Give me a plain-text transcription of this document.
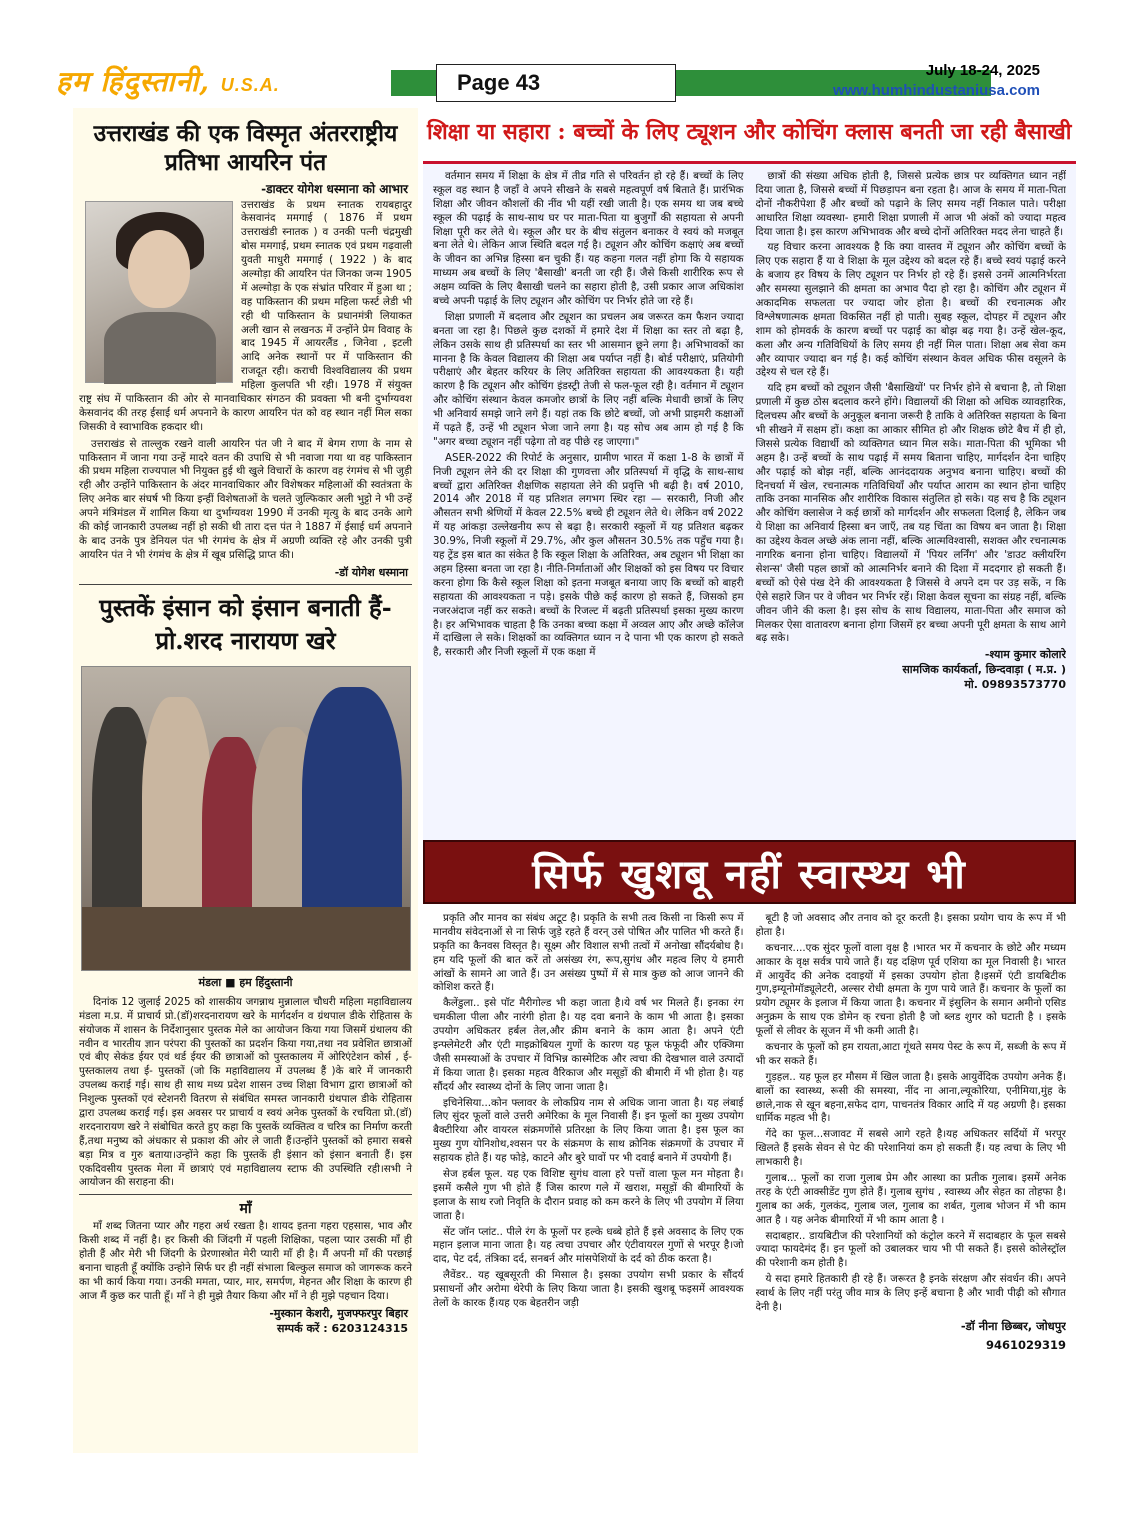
हम हिंदुस्तानी, U.S.A.	Page 43	July 18-24, 2025
www.humhindustaniusa.com
उत्तराखंड की एक विस्मृत अंतरराष्ट्रीय प्रतिभा आयरिन पंत
-डाक्टर योगेश धस्माना को आभार

उत्तराखंड के प्रथम स्नातक रायबहादुर केसवानंद ममगाई ( 1876 में प्रथम उत्तराखंडी स्नातक ) व उनकी पत्नी चंद्रमुखी बोस ममगाई, प्रथम स्नातक एवं प्रथम गढ़वाली युवती माधुरी ममगाई ( 1922 ) के बाद अल्मोड़ा की आयरिन पंत जिनका जन्म 1905 में अल्मोड़ा के एक संभ्रांत परिवार में हुआ था ; वह पाकिस्तान की प्रथम महिला फर्स्ट लेडी भी रही थी पाकिस्तान के प्रधानमंत्री लियाकत अली खान से लखनऊ में उन्होंने प्रेम विवाह के बाद 1945 में आयरलैंड , जिनेवा , इटली आदि अनेक स्थानों पर में पाकिस्तान की राजदूत रही। कराची विश्वविद्यालय की प्रथम महिला कुलपति भी रही। 1978 में संयुक्त राष्ट्र संघ में पाकिस्तान की ओर से मानवाधिकार संगठन की प्रवक्ता भी बनी दुर्भाग्यवश केसवानंद की तरह ईसाई धर्म अपनाने के कारण आयरिन पंत को वह स्थान नहीं मिल सका जिसकी वे स्वाभाविक हकदार थी।

उत्तराखंड से ताल्लुक रखने वाली आयरिन पंत जी ने बाद में बेगम राणा के नाम से पाकिस्तान में जाना गया उन्हें मादरे वतन की उपाधि से भी नवाजा गया था वह पाकिस्तान की प्रथम महिला राज्यपाल भी नियुक्त हुई थी खुले विचारों के कारण वह रंगमंच से भी जुड़ी रही और उन्होंने पाकिस्तान के अंदर मानवाधिकार और विशेषकर महिलाओं की स्वतंत्रता के लिए अनेक बार संघर्ष भी किया इन्हीं विशेषताओं के चलते जुल्फिकार अली भुट्टो ने भी उन्हें अपने मंत्रिमंडल में शामिल किया था दुर्भाग्यवश 1990 में उनकी मृत्यु के बाद उनके आगे की कोई जानकारी उपलब्ध नहीं हो सकी थी तारा दत्त पंत ने 1887 में ईसाई धर्म अपनाने के बाद उनके पुत्र डेनियल पंत भी रंगमंच के क्षेत्र में अग्रणी व्यक्ति रहे और उनकी पुत्री आयरिन पंत ने भी रंगमंच के क्षेत्र में खूब प्रसिद्धि प्राप्त की।

-डॉ योगेश धस्माना
पुस्तकें इंसान को इंसान बनाती हैं-प्रो.शरद नारायण खरे
मंडला ■ हम हिंदुस्तानी
दिनांक 12 जुलाई 2025 को शासकीय जगन्नाथ मुन्नालाल चौधरी महिला महाविद्यालय मंडला म.प्र. में प्राचार्य प्रो.(डॉ)शरदनारायण खरे के मार्गदर्शन व ग्रंथपाल डीके रोहितास के संयोजक में शासन के निर्देशानुसार पुस्तक मेले का आयोजन किया गया जिसमें ग्रंथालय की नवीन व भारतीय ज्ञान परंपरा की पुस्तकों का प्रदर्शन किया गया,तथा नव प्रवेशित छात्राओं एवं बीए सेकंड ईयर एवं थर्ड ईयर की छात्राओं को पुस्तकालय में ओरिएंटेशन कोर्स , ई-पुस्तकालय तथा ई- पुस्तकों (जो कि महाविद्यालय में उपलब्ध हैं )के बारे में जानकारी उपलब्ध कराई गई। साथ ही साथ मध्य प्रदेश शासन उच्च शिक्षा विभाग द्वारा छात्राओं को निशुल्क पुस्तकों एवं स्टेशनरी वितरण से संबंधित समस्त जानकारी ग्रंथपाल डीके रोहितास द्वारा उपलब्ध कराई गई। इस अवसर पर प्राचार्य व स्वयं अनेक पुस्तकों के रचयिता प्रो.(डॉ) शरदनारायण खरे ने संबोधित करते हुए कहा कि पुस्तकें व्यक्तित्व व चरित्र का निर्माण करती हैं,तथा मनुष्य को अंधकार से प्रकाश की ओर ले जाती हैं।उन्होंने पुस्तकों को हमारा सबसे बड़ा मित्र व गुरु बताया।उन्होंने कहा कि पुस्तकें ही इंसान को इंसान बनाती हैं। इस एकदिवसीय पुस्तक मेला में छात्राएं एवं महाविद्यालय स्टाफ की उपस्थिति रही।सभी ने आयोजन की सराहना की।
माँ
माँ शब्द जितना प्यार और गहरा अर्थ रखता है। शायद इतना गहरा एहसास, भाव और किसी शब्द में नहीं है। हर किसी की जिंदगी में पहली शिक्षिका, पहला प्यार उसकी माँ ही होती हैं और मेरी भी जिंदगी के प्रेरणास्त्रोत मेरी प्यारी माँ ही है। मैं अपनी माँ की परछाई बनाना चाहती हूँ क्योंकि उन्होने सिर्फ घर ही नहीं संभाला बिल्कुल समाज को जागरूक करने का भी कार्य किया गया। उनकी ममता, प्यार, मार, समर्पण, मेहनत और शिक्षा के कारण ही आज मैं कुछ कर पाती हूँ। माँ ने ही मुझे तैयार किया और माँ ने ही मुझे पहचान दिया।
-मुस्कान केशरी, मुजफ्फरपुर बिहार
सम्पर्क करें : 6203124315
शिक्षा या सहारा : बच्चों के लिए ट्यूशन और कोचिंग क्लास बनती जा रही बैसाखी

वर्तमान समय में शिक्षा के क्षेत्र में तीव्र गति से परिवर्तन हो रहे हैं। बच्चों के लिए स्कूल वह स्थान है जहाँ वे अपने सीखने के सबसे महत्वपूर्ण वर्ष बिताते हैं। प्रारंभिक शिक्षा और जीवन कौशलों की नींव भी यहीं रखी जाती है। एक समय था जब बच्चे स्कूल की पढ़ाई के साथ-साथ घर पर माता-पिता या बुजुर्गों की सहायता से अपनी शिक्षा पूरी कर लेते थे। स्कूल और घर के बीच संतुलन बनाकर वे स्वयं को मजबूत बना लेते थे। लेकिन आज स्थिति बदल गई है। ट्यूशन और कोचिंग कक्षाएं अब बच्चों के जीवन का अभिन्न हिस्सा बन चुकी हैं। यह कहना गलत नहीं होगा कि ये सहायक माध्यम अब बच्चों के लिए 'बैसाखी' बनती जा रही हैं। जैसे किसी शारीरिक रूप से अक्षम व्यक्ति के लिए बैसाखी चलने का सहारा होती है, उसी प्रकार आज अधिकांश बच्चे अपनी पढ़ाई के लिए ट्यूशन और कोचिंग पर निर्भर होते जा रहे हैं।

शिक्षा प्रणाली में बदलाव और ट्यूशन का प्रचलन अब जरूरत कम फैशन ज्यादा बनता जा रहा है। पिछले कुछ दशकों में हमारे देश में शिक्षा का स्तर तो बढ़ा है, लेकिन उसके साथ ही प्रतिस्पर्धा का स्तर भी आसमान छूने लगा है। अभिभावकों का मानना है कि केवल विद्यालय की शिक्षा अब पर्याप्त नहीं है। बोर्ड परीक्षाएं, प्रतियोगी परीक्षाएं और बेहतर करियर के लिए अतिरिक्त सहायता की आवश्यकता है। यही कारण है कि ट्यूशन और कोचिंग इंडस्ट्री तेजी से फल-फूल रही है। वर्तमान में ट्यूशन और कोचिंग संस्थान केवल कमजोर छात्रों के लिए नहीं बल्कि मेधावी छात्रों के लिए भी अनिवार्य समझे जाने लगे हैं। यहां तक कि छोटे बच्चों, जो अभी प्राइमरी कक्षाओं में पढ़ते हैं, उन्हें भी ट्यूशन भेजा जाने लगा है। यह सोच अब आम हो गई है कि "अगर बच्चा ट्यूशन नहीं पढ़ेगा तो वह पीछे रह जाएगा।"

ASER-2022 की रिपोर्ट के अनुसार, ग्रामीण भारत में कक्षा 1-8 के छात्रों में निजी ट्यूशन लेने की दर शिक्षा की गुणवत्ता और प्रतिस्पर्धा में वृद्धि के साथ-साथ बच्चों द्वारा अतिरिक्त शैक्षणिक सहायता लेने की प्रवृत्ति भी बढ़ी है। वर्ष 2010, 2014 और 2018 में यह प्रतिशत लगभग स्थिर रहा — सरकारी, निजी और औसतन सभी श्रेणियों में केवल 22.5% बच्चे ही ट्यूशन लेते थे। लेकिन वर्ष 2022 में यह आंकड़ा उल्लेखनीय रूप से बढ़ा है। सरकारी स्कूलों में यह प्रतिशत बढ़कर 30.9%, निजी स्कूलों में 29.7%, और कुल औसतन 30.5% तक पहुँच गया है। यह ट्रेंड इस बात का संकेत है कि स्कूल शिक्षा के अतिरिक्त, अब ट्यूशन भी शिक्षा का अहम हिस्सा बनता जा रहा है। नीति-निर्माताओं और शिक्षकों को इस विषय पर विचार करना होगा कि कैसे स्कूल शिक्षा को इतना मजबूत बनाया जाए कि बच्चों को बाहरी सहायता की आवश्यकता न पड़े। इसके पीछे कई कारण हो सकते हैं, जिसको हम नजरअंदाज नहीं कर सकते। बच्चों के रिजल्ट में बढ़ती प्रतिस्पर्धा इसका मुख्य कारण है। हर अभिभावक चाहता है कि उनका बच्चा कक्षा में अव्वल आए और अच्छे कॉलेज में दाखिला ले सके। शिक्षकों का व्यक्तिगत ध्यान न दे पाना भी एक कारण हो सकते है, सरकारी और निजी स्कूलों में एक कक्षा में

छात्रों की संख्या अधिक होती है, जिससे प्रत्येक छात्र पर व्यक्तिगत ध्यान नहीं दिया जाता है, जिससे बच्चों में पिछड़ापन बना रहता है। आज के समय में माता-पिता दोनों नौकरीपेशा हैं और बच्चों को पढ़ाने के लिए समय नहीं निकाल पाते। परीक्षा आधारित शिक्षा व्यवस्था- हमारी शिक्षा प्रणाली में आज भी अंकों को ज्यादा महत्व दिया जाता है। इस कारण अभिभावक और बच्चे दोनों अतिरिक्त मदद लेना चाहते हैं।

यह विचार करना आवश्यक है कि क्या वास्तव में ट्यूशन और कोचिंग बच्चों के लिए एक सहारा हैं या वे शिक्षा के मूल उद्देश्य को बदल रहे हैं। बच्चे स्वयं पढ़ाई करने के बजाय हर विषय के लिए ट्यूशन पर निर्भर हो रहे हैं। इससे उनमें आत्मनिर्भरता और समस्या सुलझाने की क्षमता का अभाव पैदा हो रहा है। कोचिंग और ट्यूशन में अकादमिक सफलता पर ज्यादा जोर होता है। बच्चों की रचनात्मक और विश्लेषणात्मक क्षमता विकसित नहीं हो पाती। सुबह स्कूल, दोपहर में ट्यूशन और शाम को होमवर्क के कारण बच्चों पर पढ़ाई का बोझ बढ़ गया है। उन्हें खेल-कूद, कला और अन्य गतिविधियों के लिए समय ही नहीं मिल पाता। शिक्षा अब सेवा कम और व्यापार ज्यादा बन गई है। कई कोचिंग संस्थान केवल अधिक फीस वसूलने के उद्देश्य से चल रहे हैं।

यदि हम बच्चों को ट्यूशन जैसी 'बैसाखियों' पर निर्भर होने से बचाना है, तो शिक्षा प्रणाली में कुछ ठोस बदलाव करने होंगे। विद्यालयों की शिक्षा को अधिक व्यावहारिक, दिलचस्प और बच्चों के अनुकूल बनाना जरूरी है ताकि वे अतिरिक्त सहायता के बिना भी सीखने में सक्षम हों। कक्षा का आकार सीमित हो और शिक्षक छोटे बैच में ही हो, जिससे प्रत्येक विद्यार्थी को व्यक्तिगत ध्यान मिल सके। माता-पिता की भूमिका भी अहम है। उन्हें बच्चों के साथ पढ़ाई में समय बिताना चाहिए, मार्गदर्शन देना चाहिए और पढ़ाई को बोझ नहीं, बल्कि आनंददायक अनुभव बनाना चाहिए। बच्चों की दिनचर्या में खेल, रचनात्मक गतिविधियाँ और पर्याप्त आराम का स्थान होना चाहिए ताकि उनका मानसिक और शारीरिक विकास संतुलित हो सके। यह सच है कि ट्यूशन और कोचिंग क्लासेज ने कई छात्रों को मार्गदर्शन और सफलता दिलाई है, लेकिन जब ये शिक्षा का अनिवार्य हिस्सा बन जाएँ, तब यह चिंता का विषय बन जाता है। शिक्षा का उद्देश्य केवल अच्छे अंक लाना नहीं, बल्कि आत्मविश्वासी, सशक्त और रचनात्मक नागरिक बनाना होना चाहिए। विद्यालयों में 'पियर लर्निंग' और 'डाउट क्लीयरिंग सेशन्स' जैसी पहल छात्रों को आत्मनिर्भर बनाने की दिशा में मददगार हो सकती हैं। बच्चों को ऐसे पंख देने की आवश्यकता है जिससे वे अपने दम पर उड़ सकें, न कि ऐसे सहारे जिन पर वे जीवन भर निर्भर रहें। शिक्षा केवल सूचना का संग्रह नहीं, बल्कि जीवन जीने की कला है। इस सोच के साथ विद्यालय, माता-पिता और समाज को मिलकर ऐसा वातावरण बनाना होगा जिसमें हर बच्चा अपनी पूरी क्षमता के साथ आगे बढ़ सके।

-श्याम कुमार कोलारे
सामजिक कार्यकर्ता, छिन्दवाड़ा ( म.प्र. )
मो. 09893573770
सिर्फ खुशबू नहीं स्वास्थ्य भी

प्रकृति और मानव का संबंध अटूट है। प्रकृति के सभी तत्व किसी ना किसी रूप में मानवीय संवेदनाओं से ना सिर्फ जुड़े रहते हैं वरन् उसे पोषित और पालित भी करते हैं। प्रकृति का कैनवस विस्तृत है। सूक्ष्म और विशाल सभी तत्वों में अनोखा सौंदर्यबोध है। हम यदि फूलों की बात करें तो असंख्य रंग, रूप,सुगंध और महत्व लिए ये हमारी आंखों के सामने आ जाते हैं। उन असंख्य पुष्पों में से मात्र कुछ को आज जानने की कोशिश करते हैं।

कैलेंडुला.. इसे पॉट मैरीगोल्ड भी कहा जाता है।ये वर्ष भर मिलते हैं। इनका रंग चमकीला पीला और नारंगी होता है। यह दवा बनाने के काम भी आता है। इसका उपयोग अधिकतर हर्बल तेल,और क्रीम बनाने के काम आता है। अपने एंटी इन्फ्लेमेटरी और एंटी माइक्रोबियल गुणों के कारण यह फूल फंफूदी और एक्जिमा जैसी समस्याओं के उपचार में विभिन्न कास्मेटिक और त्वचा की देखभाल वाले उत्पादों में किया जाता है। इसका महत्व वैरिकाज और मसूड़ों की बीमारी में भी होता है। यह सौंदर्य और स्वास्थ्य दोनों के लिए जाना जाता है।

इचिनेसिया...कोन फ्लावर के लोकप्रिय नाम से अधिक जाना जाता है। यह लंबाई लिए सुंदर फूलों वाले उत्तरी अमेरिका के मूल निवासी हैं। इन फूलों का मुख्य उपयोग बैक्टीरिया और वायरल संक्रमणोंसे प्रतिरक्षा के लिए किया जाता है। इस फूल का मुख्य गुण योनिशोथ,श्वसन पर के संक्रमण के साथ क्रोनिक संक्रमणों के उपचार में सहायक होते हैं। यह फोड़े, काटने और बुरे घावों पर भी दवाई बनाने में उपयोगी हैं।

सेज हर्बल फूल. यह एक विशिष्ट सुगंध वाला हरे पत्तों वाला फूल मन मोहता है। इसमें कसैले गुण भी होते हैं जिस कारण गले में खराश, मसूड़ों की बीमारियों के इलाज के साथ रजो निवृति के दौरान प्रवाह को कम करने के लिए भी उपयोग में लिया जाता है।

सेंट जॉन प्लांट.. पीले रंग के फूलों पर हल्के धब्बे होते हैं इसे अवसाद के लिए एक महान इलाज माना जाता है। यह त्वचा उपचार और एंटीवायरल गुणों से भरपूर है।जो दाद, पेट दर्द, तंत्रिका दर्द, सनबर्न और मांसपेशियों के दर्द को ठीक करता है।

लैवेंडर.. यह खूबसूरती की मिसाल है। इसका उपयोग सभी प्रकार के सौंदर्य प्रसाधनों और अरोमा थेरेपी के लिए किया जाता है। इसकी खुशबू फइसमें आवश्यक तेलों के कारक हैं।यह एक बेहतरीन जड़ी

बूटी है जो अवसाद और तनाव को दूर करती है। इसका प्रयोग चाय के रूप में भी होता है।

कचनार....एक सुंदर फूलों वाला वृक्ष है ।भारत भर में कचनार के छोटे और मध्यम आकार के वृक्ष सर्वत्र पाये जाते हैं। यह दक्षिण पूर्व एशिया का मूल निवासी है। भारत में आयुर्वेद की अनेक दवाइयों में इसका उपयोग होता है।इसमें एंटी डायबिटीक गुण,इम्यूनोमॉड्यूलेटरी, अल्सर रोधी क्षमता के गुण पाये जाते हैं। कचनार के फूलों का प्रयोग ट्यूमर के इलाज में किया जाता है। कचनार में इंसुलिन के समान अमीनो एसिड अनुक्रम के साथ एक डोमेन क् रचना होती है जो ब्लड शुगर को घटाती है । इसके फूलों से लीवर के सूजन में भी कमी आती है।

कचनार के फूलों को हम रायता,आटा गूंथते समय पेस्ट के रूप में, सब्जी के रूप में भी कर सकते हैं।

गुड़हल.. यह फूल हर मौसम में खिल जाता है। इसके आयुर्वेदिक उपयोग अनेक हैं। बालों का स्वास्थ्य, रूसी की समस्या, नींद ना आना,ल्यूकोरिया, एनीमिया,मुंह के छाले,नाक से खून बहना,सफेद दाग, पाचनतंत्र विकार आदि में यह अग्रणी है। इसका धार्मिक महत्व भी है।

गेंदे का फूल...सजावट में सबसे आगे रहते है।यह अधिकतर सर्दियों में भरपूर खिलते हैं इसके सेवन से पेट की परेशानियां कम हो सकती हैं। यह त्वचा के लिए भी लाभकारी है।

गुलाब... फूलों का राजा गुलाब प्रेम और आस्था का प्रतीक गुलाब। इसमें अनेक तरह के एंटी आक्सीडेंट गुण होते हैं। गुलाब सुगंध , स्वास्थ्य और सेहत का तोहफा है। गुलाब का अर्क, गुलकंद, गुलाब जल, गुलाब का शर्बत, गुलाब भोजन में भी काम आत है । यह अनेक बीमारियों में भी काम आता है ।

सदाबहार.. डायबिटीज की परेशानियों को कंट्रोल करने में सदाबहार के फूल सबसे ज्यादा फायदेमंद हैं। इन फूलों को उबालकर चाय भी पी सकते हैं। इससे कोलेस्ट्रॉल की परेशानी कम होती है।

ये सदा हमारे हितकारी ही रहे हैं। जरूरत है इनके संरक्षण और संवर्धन की। अपने स्वार्थ के लिए नहीं परंतु जीव मात्र के लिए इन्हें बचाना है और भावी पीढ़ी को सौगात देनी है।

-डॉ नीना छिब्बर, जोधपुर
9461029319
